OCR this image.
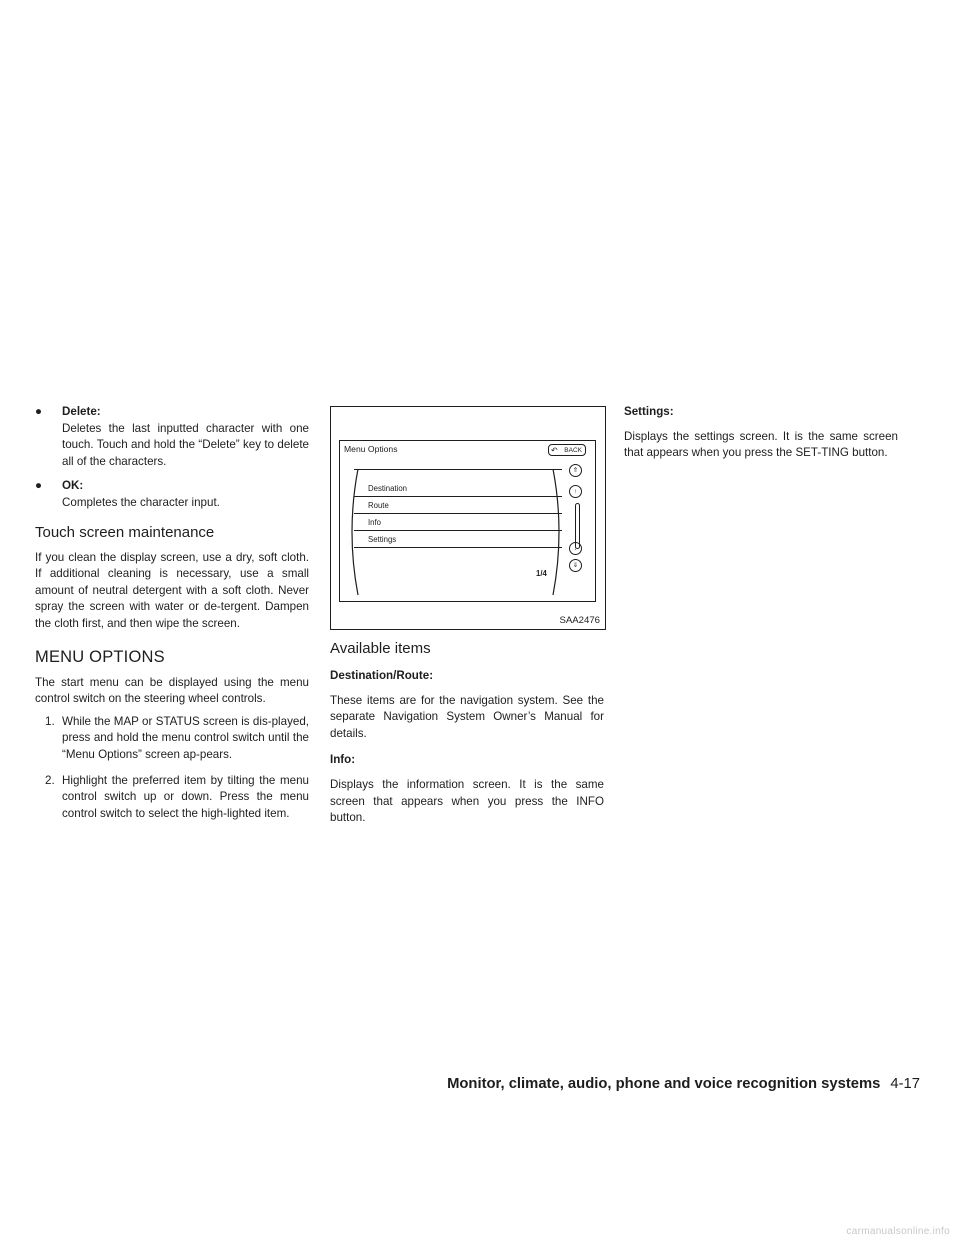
● Delete:
Deletes the last inputted character with one touch. Touch and hold the “Delete” key to delete all of the characters.
● OK:
Completes the character input.
Touch screen maintenance

If you clean the display screen, use a dry, soft cloth. If additional cleaning is necessary, use a small amount of neutral detergent with a soft cloth. Never spray the screen with water or de-tergent. Dampen the cloth first, and then wipe the screen.

MENU OPTIONS

The start menu can be displayed using the menu control switch on the steering wheel controls.

1. While the MAP or STATUS screen is dis-played, press and hold the menu control switch until the “Menu Options” screen ap-pears.
2. Highlight the preferred item by tilting the menu control switch up or down. Press the menu control switch to select the high-lighted item.
Menu Options	↶ BACK
Destination
Route
Info
Settings
1/4
⇑
↑
↓
⇓
SAA2476
Available items
Destination/Route:

These items are for the navigation system. See the separate Navigation System Owner’s Manual for details.

Info:

Displays the information screen. It is the same screen that appears when you press the INFO button.

Settings:

Displays the settings screen. It is the same screen that appears when you press the SET-TING button.

Monitor, climate, audio, phone and voice recognition systems 4-17
carmanualsonline.info
